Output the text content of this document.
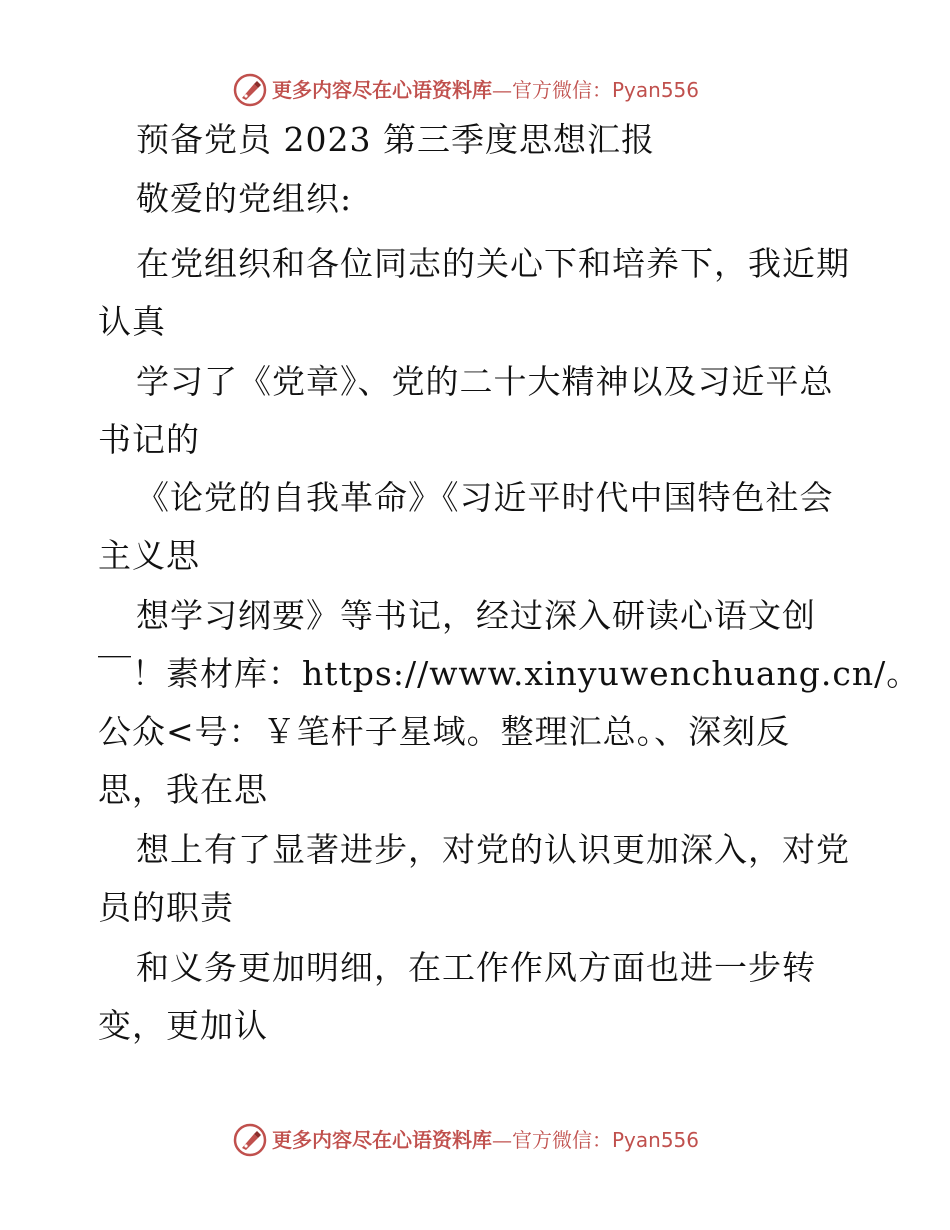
更多内容尽在心语资料库—官方微信：Pyan556
预备党员 2023 第三季度思想汇报
敬爱的党组织:
在党组织和各位同志的关心下和培养下，我近期
认真
学习了《党章》、党的二十大精神以及习近平总
书记的
《论党的自我革命》《习近平时代中国特色社会
主义思
想学习纲要》等书记，经过深入研读心语文创
￣！素材库：https://www.xinyuwenchuang.cn/。
公众<号：￥笔杆子星域。整理汇总。、深刻反
思，我在思
想上有了显著进步，对党的认识更加深入，对党
员的职责
和义务更加明细，在工作作风方面也进一步转
变，更加认
更多内容尽在心语资料库—官方微信：Pyan556
